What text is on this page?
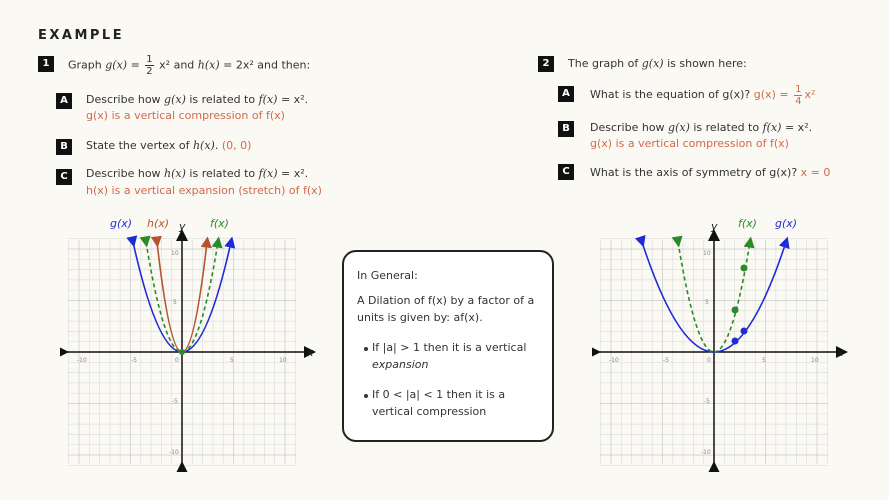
EXAMPLE
1	Graph $g(x) = \frac{1}{2} x^2$ and h(x) = 2x² and then:
A	Describe how g(x) is related to f(x) = x².
g(x) is a vertical compression of f(x)
B	State the vertex of h(x). (0, 0)
C	Describe how h(x) is related to f(x) = x².
h(x) is a vertical expansion (stretch) of f(x)
2	The graph of g(x) is shown here:
A	What is the equation of g(x)? $g(x) = \frac{1}{4} x^2$
B	Describe how g(x) is related to f(x) = x².
g(x) is a vertical compression of f(x)
C	What is the axis of symmetry of g(x)? x = 0
In General:
A Dilation of f(x) by a factor of a
units is given by: af(x).
If |a| > 1 then it is a vertical
expansion
If 0 < |a| < 1 then it is a
vertical compression
g(x) h(x)	f(x)
y
x
-10	-5	0	5	10
10
5
-5
-10
f(x) g(x)
y
x
-10	-5	0	5	10
10
5
-5
-10
